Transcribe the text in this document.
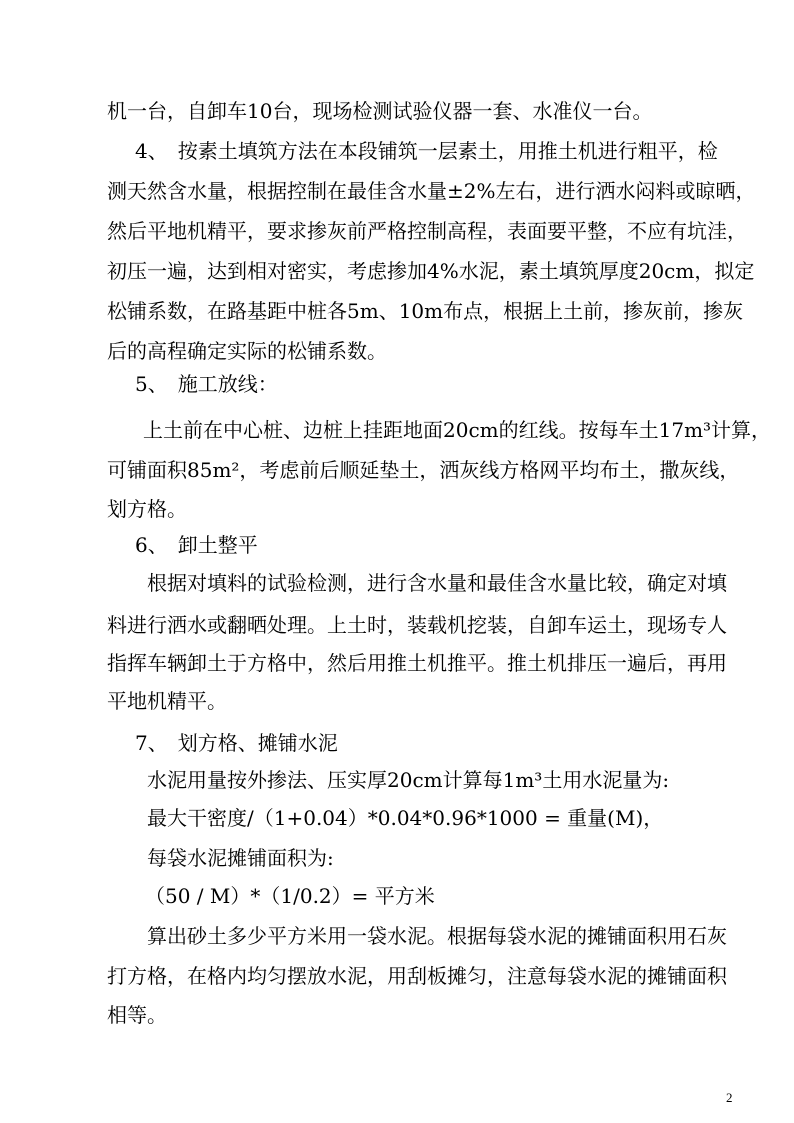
机一台，自卸车10台，现场检测试验仪器一套、水准仪一台。
4、　按素土填筑方法在本段铺筑一层素土，用推土机进行粗平，检
测天然含水量，根据控制在最佳含水量±2%左右，进行洒水闷料或晾晒，
然后平地机精平，要求掺灰前严格控制高程，表面要平整，不应有坑洼，
初压一遍，达到相对密实，考虑掺加4%水泥，素土填筑厚度20cm，拟定
松铺系数，在路基距中桩各5m、10m布点，根据上土前，掺灰前，掺灰
后的高程确定实际的松铺系数。
5、　施工放线：
上土前在中心桩、边桩上挂距地面20cm的红线。按每车土17m³计算，
可铺面积85m²，考虑前后顺延垫土，洒灰线方格网平均布土，撒灰线，
划方格。
6、　卸土整平
根据对填料的试验检测，进行含水量和最佳含水量比较，确定对填
料进行洒水或翻晒处理。上土时，装载机挖装，自卸车运土，现场专人
指挥车辆卸土于方格中，然后用推土机推平。推土机排压一遍后，再用
平地机精平。
7、　划方格、摊铺水泥
水泥用量按外掺法、压实厚20cm计算每1m³土用水泥量为:
最大干密度/（1+0.04）*0.04*0.96*1000 = 重量(M)，
每袋水泥摊铺面积为:
（50 / M）*（1/0.2）= 平方米
算出砂土多少平方米用一袋水泥。根据每袋水泥的摊铺面积用石灰
打方格，在格内均匀摆放水泥，用刮板摊匀，注意每袋水泥的摊铺面积
相等。
2
